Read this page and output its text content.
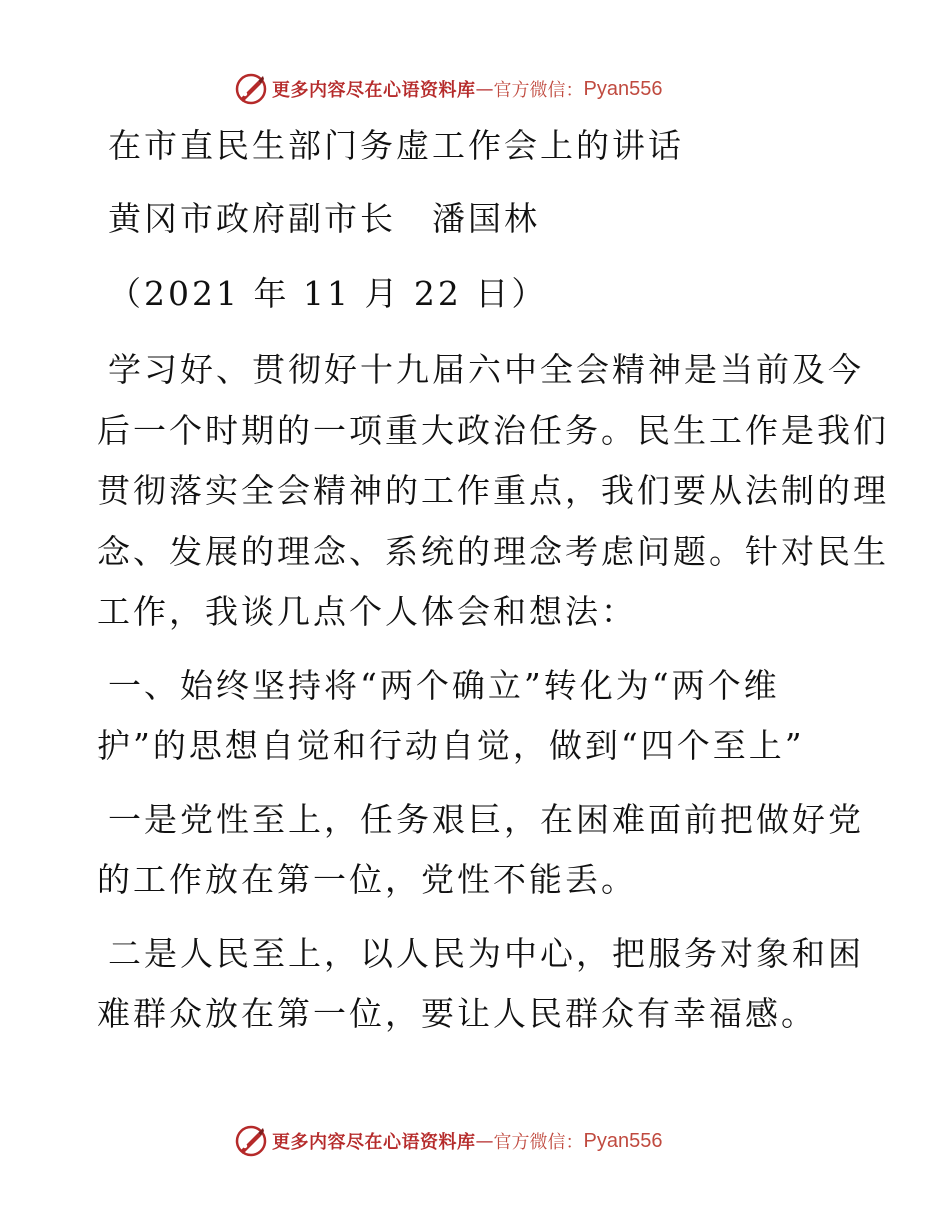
更多内容尽在心语资料库 — 官方微信： Pyan556
在市直民生部门务虚工作会上的讲话
黄冈市政府副市长　潘国林
（2021 年 11 月 22 日）
学习好、贯彻好十九届六中全会精神是当前及今
后一个时期的一项重大政治任务。民生工作是我们
贯彻落实全会精神的工作重点，我们要从法制的理
念、发展的理念、系统的理念考虑问题。针对民生
工作，我谈几点个人体会和想法：
一、始终坚持将“两个确立”转化为“两个维
护”的思想自觉和行动自觉，做到“四个至上”
一是党性至上，任务艰巨，在困难面前把做好党
的工作放在第一位，党性不能丢。
二是人民至上，以人民为中心，把服务对象和困
难群众放在第一位，要让人民群众有幸福感。
更多内容尽在心语资料库 — 官方微信： Pyan556
